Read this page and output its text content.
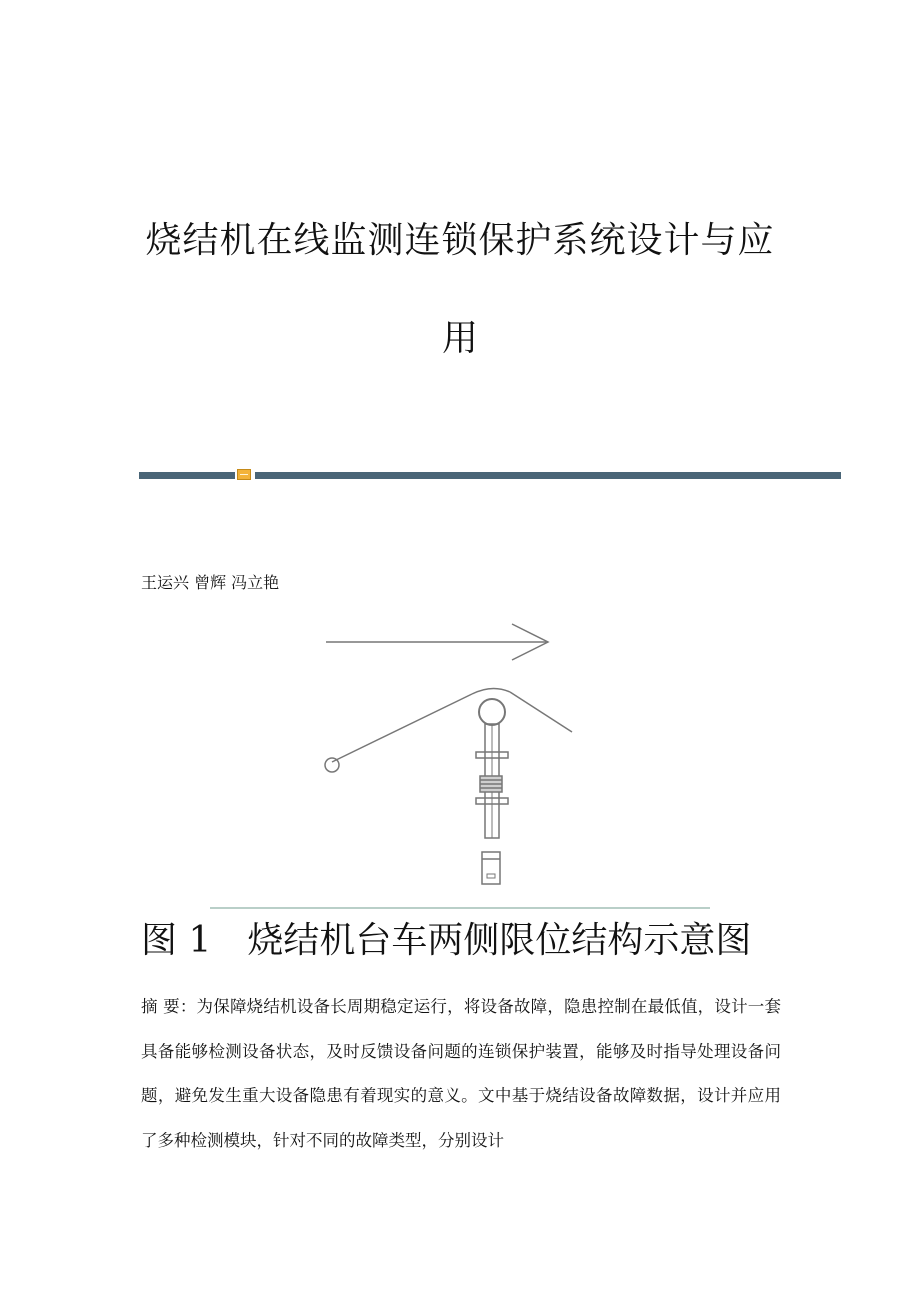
烧结机在线监测连锁保护系统设计与应
用
王运兴 曾辉 冯立艳
图 1　烧结机台车两侧限位结构示意图
摘 要：为保障烧结机设备长周期稳定运行，将设备故障，隐患控制在最低值，设计一套具备能够检测设备状态，及时反馈设备问题的连锁保护装置，能够及时指导处理设备问题，避免发生重大设备隐患有着现实的意义。文中基于烧结设备故障数据，设计并应用了多种检测模块，针对不同的故障类型，分别设计
